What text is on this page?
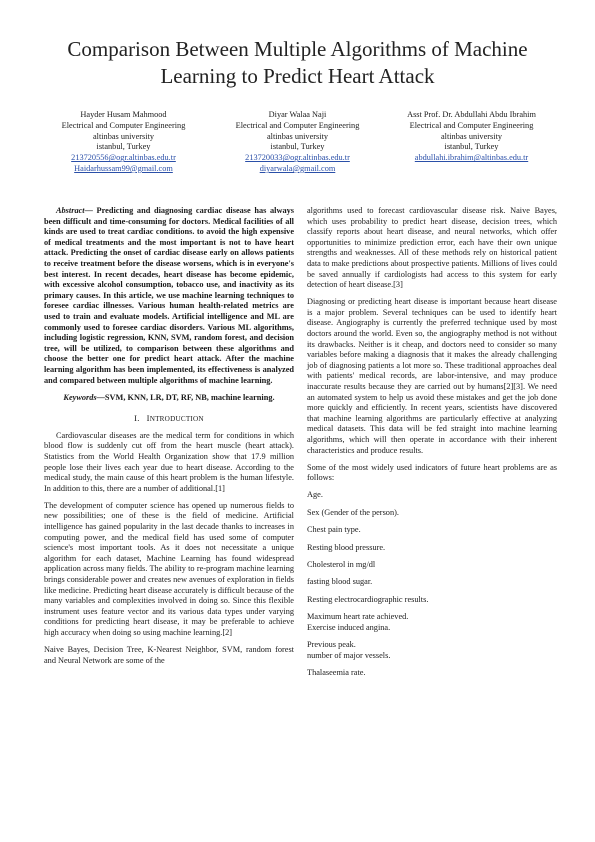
Comparison Between Multiple Algorithms of Machine Learning to Predict Heart Attack
Hayder Husam Mahmood
Electrical and Computer Engineering
altinbas university
istanbul, Turkey
213720556@ogr.altinbas.edu.tr
Haidarhussam99@gmail.com
Diyar Walaa Naji
Electrical and Computer Engineering
altinbas university
istanbul, Turkey
213720033@ogr.altinbas.edu.tr
diyarwala@gmail.com
Asst Prof. Dr. Abdullahi Abdu Ibrahim
Electrical and Computer Engineering
altinbas university
istanbul, Turkey
abdullahi.ibrahim@altinbas.edu.tr

Abstract— Predicting and diagnosing cardiac disease has always been difficult and time-consuming for doctors. Medical facilities of all kinds are used to treat cardiac conditions. to avoid the high expensive of medical treatments and the most important is not to have heart attack. Predicting the onset of cardiac disease early on allows patients to receive treatment before the disease worsens, which is in everyone's best interest. In recent decades, heart disease has become epidemic, with excessive alcohol consumption, tobacco use, and inactivity as its primary causes. In this article, we use machine learning techniques to foresee cardiac illnesses. Various human health-related metrics are used to train and evaluate models. Artificial intelligence and ML are commonly used to foresee cardiac disorders. Various ML algorithms, including logistic regression, KNN, SVM, random forest, and decision tree, will be utilized, to comparison between these algorithms and choose the better one for predict heart attack. After the machine learning algorithm has been implemented, its effectiveness is analyzed and compared between multiple algorithms of machine learning.

Keywords—SVM, KNN, LR, DT, RF, NB, machine learning.

I. INTRODUCTION

Cardiovascular diseases are the medical term for conditions in which blood flow is suddenly cut off from the heart muscle (heart attack). Statistics from the World Health Organization show that 17.9 million people lose their lives each year due to heart disease. According to the medical study, the main cause of this heart problem is the human lifestyle. In addition to this, there are a number of additional.[1]

The development of computer science has opened up numerous fields to new possibilities; one of these is the field of medicine. Artificial intelligence has gained popularity in the last decade thanks to increases in computing power, and the medical field has used some of computer science's most important tools. As it does not necessitate a unique algorithm for each dataset, Machine Learning has found widespread application across many fields. The ability to re-program machine learning brings considerable power and creates new avenues of exploration in fields like medicine. Predicting heart disease accurately is difficult because of the many variables and complexities involved in doing so. Since this flexible instrument uses feature vector and its various data types under varying conditions for predicting heart disease, it may be preferable to achieve high accuracy when doing so using machine learning.[2]

Naive Bayes, Decision Tree, K-Nearest Neighbor, SVM, random forest and Neural Network are some of the

algorithms used to forecast cardiovascular disease risk. Naive Bayes, which uses probability to predict heart disease, decision trees, which classify reports about heart disease, and neural networks, which offer opportunities to minimize prediction error, each have their own unique strengths and weaknesses. All of these methods rely on historical patient data to make predictions about prospective patients. Millions of lives could be saved annually if cardiologists had access to this system for early detection of heart disease.[3]

Diagnosing or predicting heart disease is important because heart disease is a major problem. Several techniques can be used to identify heart disease. Angiography is currently the preferred technique used by most doctors around the world. Even so, the angiography method is not without its drawbacks. Neither is it cheap, and doctors need to consider so many variables before making a diagnosis that it makes the already challenging job of diagnosing patients a lot more so. These traditional approaches deal with patients' medical records, are labor-intensive, and may produce inaccurate results because they are carried out by humans[2][3]. We need an automated system to help us avoid these mistakes and get the job done more quickly and efficiently. In recent years, scientists have discovered that machine learning algorithms are particularly effective at analyzing medical datasets. This data will be fed straight into machine learning algorithms, which will then operate in accordance with their inherent characteristics and produce results.

Some of the most widely used indicators of future heart problems are as follows:

Age.

Sex (Gender of the person).

Chest pain type.

Resting blood pressure.

Cholesterol in mg/dl

fasting blood sugar.

Resting electrocardiographic results.

Maximum heart rate achieved.

Exercise induced angina.

Previous peak.

number of major vessels.

Thalaseemia rate.
